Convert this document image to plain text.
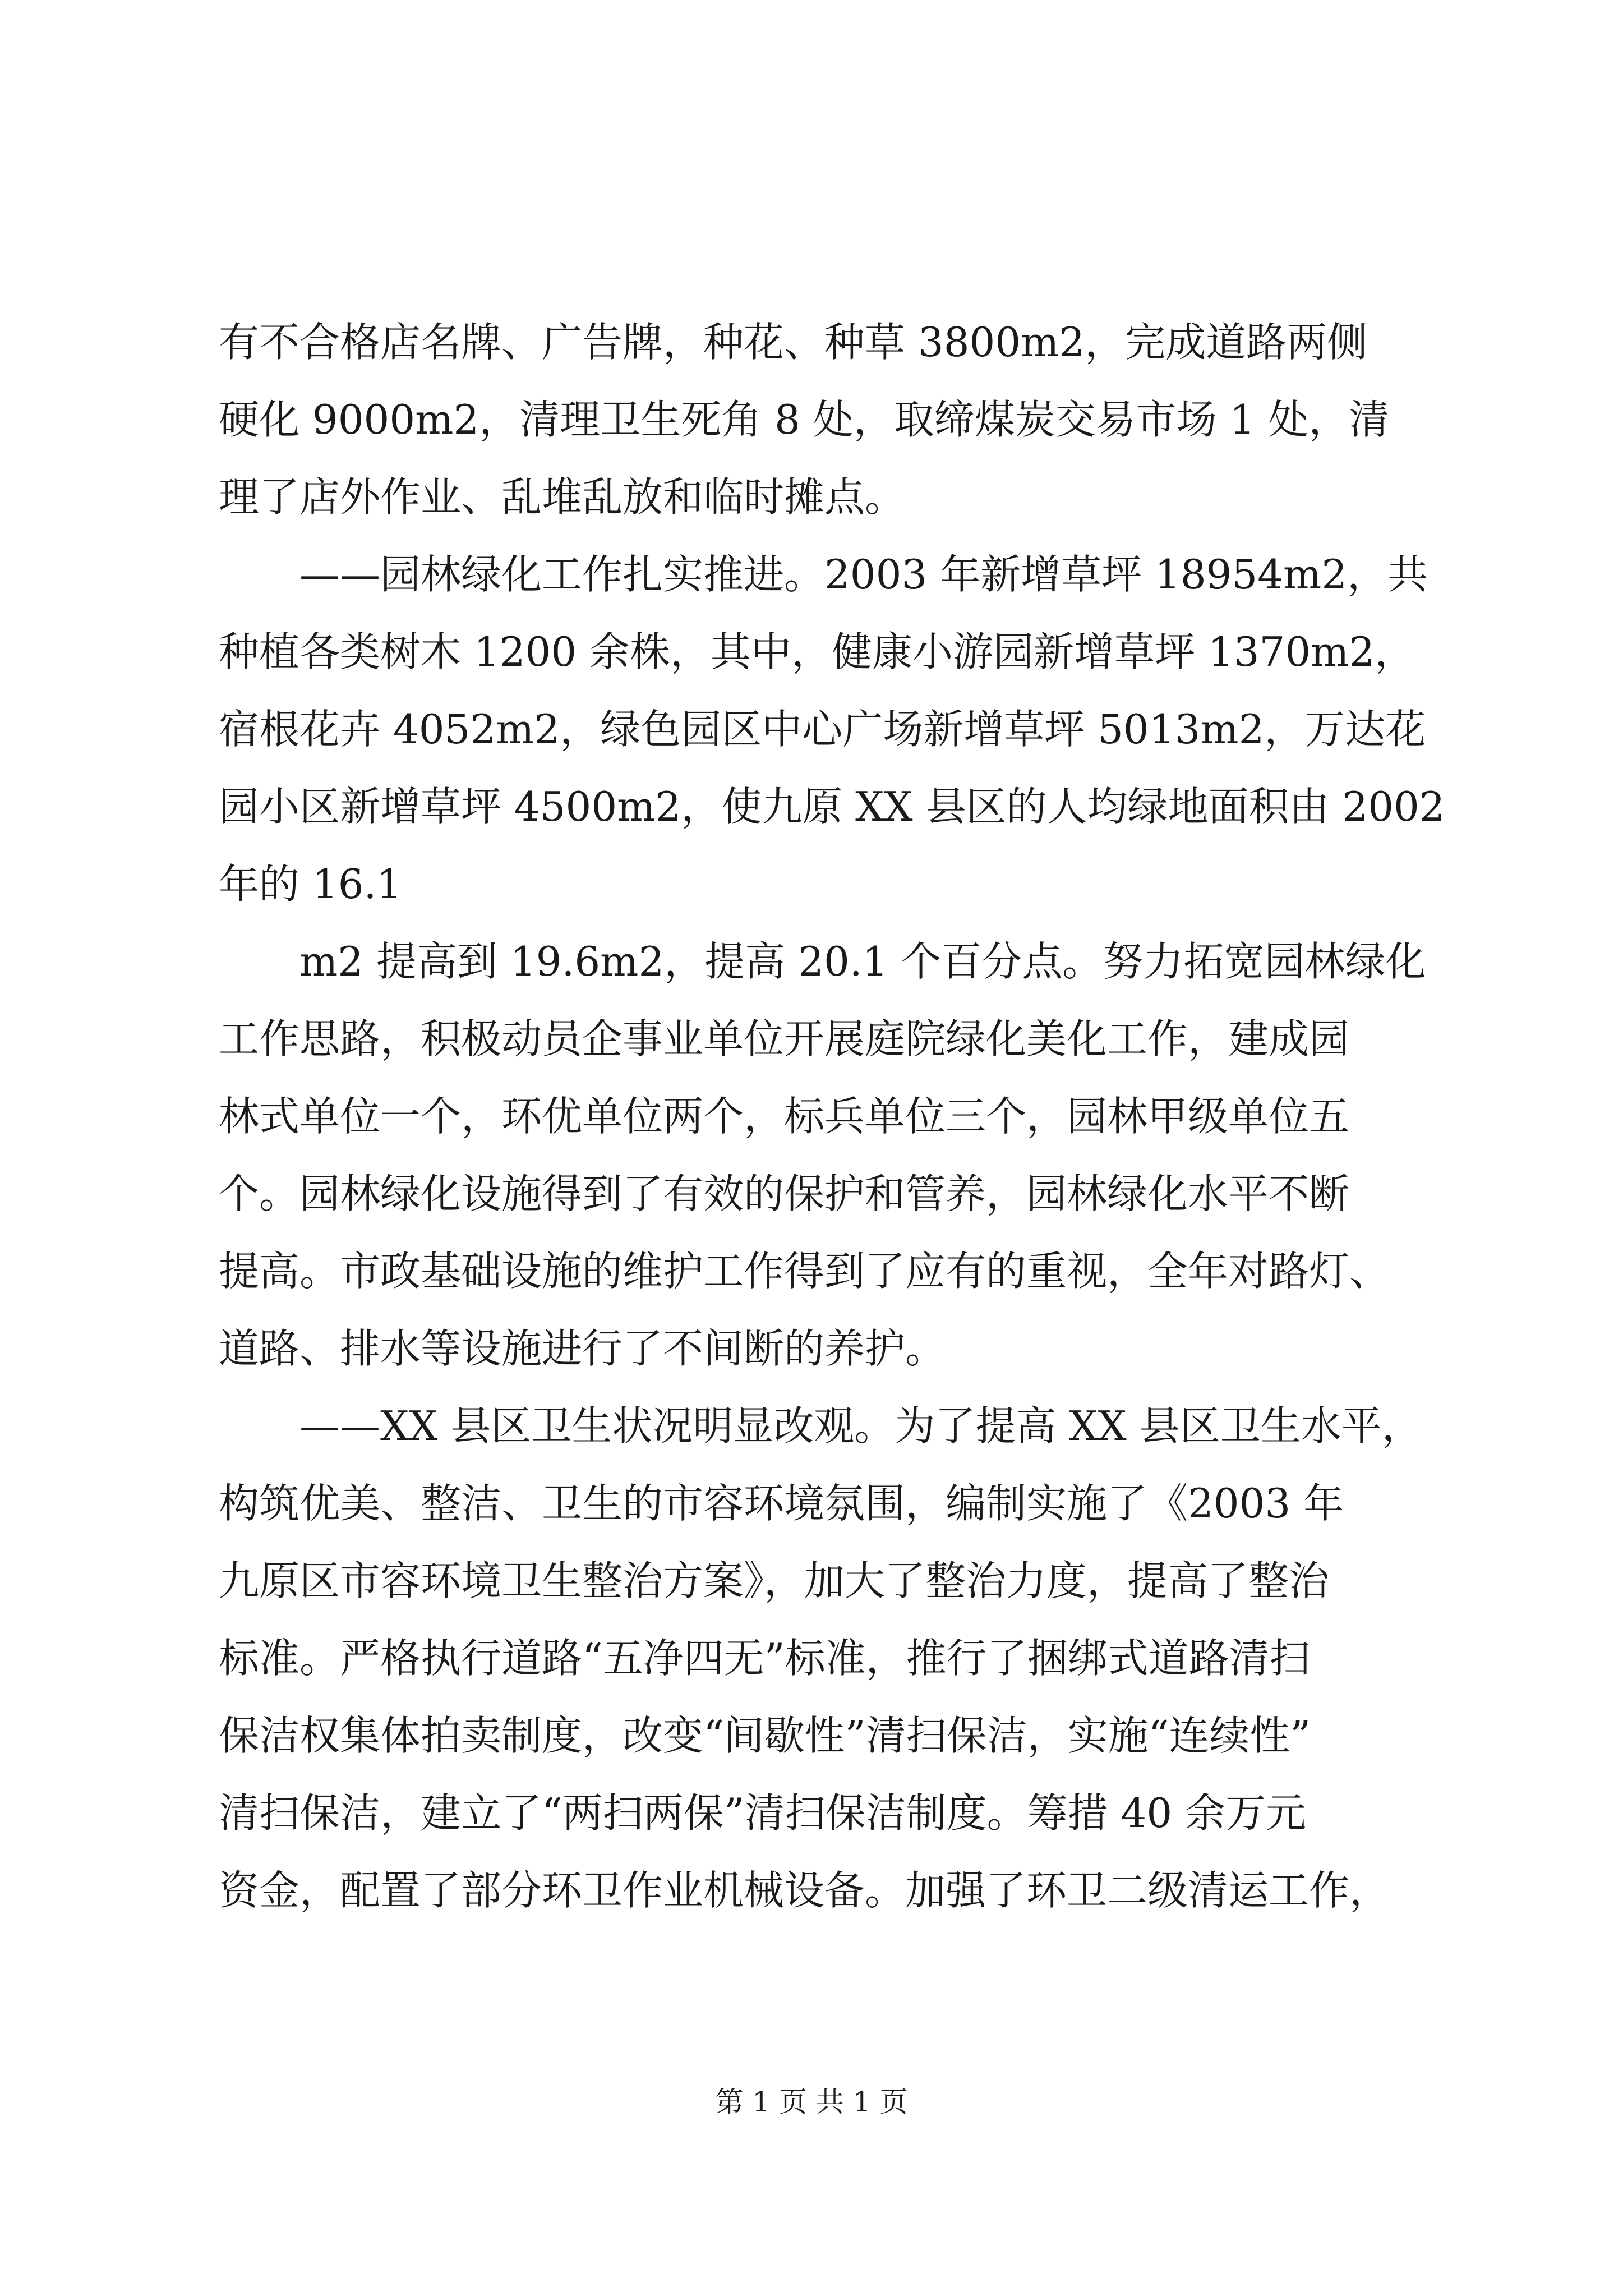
有不合格店名牌、广告牌，种花、种草 3800m2，完成道路两侧
硬化 9000m2，清理卫生死角 8 处，取缔煤炭交易市场 1 处，清
理了店外作业、乱堆乱放和临时摊点。
　　——园林绿化工作扎实推进。2003 年新增草坪 18954m2，共
种植各类树木 1200 余株，其中，健康小游园新增草坪 1370m2，
宿根花卉 4052m2，绿色园区中心广场新增草坪 5013m2，万达花
园小区新增草坪 4500m2，使九原 XX 县区的人均绿地面积由 2002
年的 16.1
　　m2 提高到 19.6m2，提高 20.1 个百分点。努力拓宽园林绿化
工作思路，积极动员企事业单位开展庭院绿化美化工作，建成园
林式单位一个，环优单位两个，标兵单位三个，园林甲级单位五
个。园林绿化设施得到了有效的保护和管养，园林绿化水平不断
提高。市政基础设施的维护工作得到了应有的重视，全年对路灯、
道路、排水等设施进行了不间断的养护。
　　——XX 县区卫生状况明显改观。为了提高 XX 县区卫生水平，
构筑优美、整洁、卫生的市容环境氛围，编制实施了《2003 年
九原区市容环境卫生整治方案》，加大了整治力度，提高了整治
标准。严格执行道路“五净四无”标准，推行了捆绑式道路清扫
保洁权集体拍卖制度，改变“间歇性”清扫保洁，实施“连续性”
清扫保洁，建立了“两扫两保”清扫保洁制度。筹措 40 余万元
资金，配置了部分环卫作业机械设备。加强了环卫二级清运工作，
第 1 页 共 1 页
